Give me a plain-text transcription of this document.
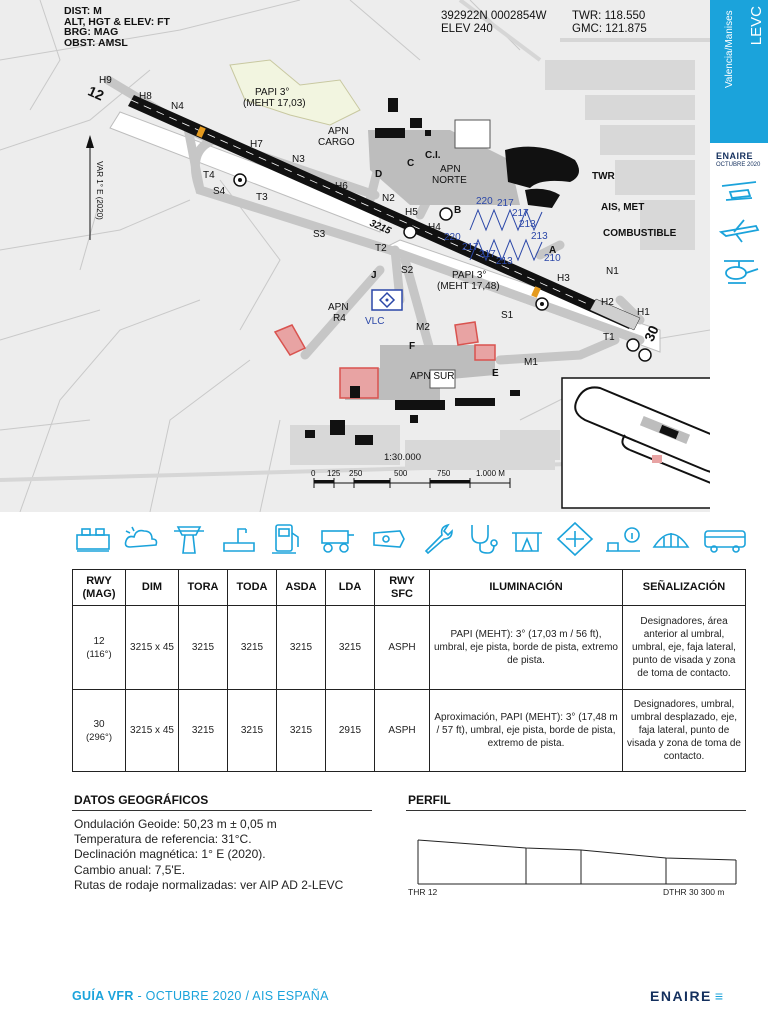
DIST: M
ALT, HGT & ELEV: FT
BRG: MAG
OBST: AMSL
392922N 0002854W
ELEV 240
TWR: 118.550
GMC: 121.875
12
30
3215
PAPI 3°
(MEHT 17,03)
PAPI 3°
(MEHT 17,48)
APN
CARGO
APN
NORTE
APN SUR
APN
R4
C.I.
TWR
AIS, MET
COMBUSTIBLE
VLC
H9
H8
H7
H6
H5
H4
H3
H2
H1
N4
N3
N2
N1
T4
T3
T2
T1
S4
S3
S2
S1
M2
M1
A
B
C
D
E
F
J
220 217
217
213
220
217
217
213
213
210
VAR 1° E (2020)
1:30.000
0 125 250	500	750	1.000 M
LEVC
Valencia/Manises
ENAIRE
OCTUBRE 2020
RWY (MAG)	DIM	TORA	TODA	ASDA	LDA	RWY SFC	ILUMINACIÓN	SEÑALIZACIÓN
12
(116°)	3215 x 45	3215	3215	3215	3215	ASPH	PAPI (MEHT): 3° (17,03 m / 56 ft), umbral, eje pista, borde de pista, extremo de pista.	Designadores, área anterior al umbral, umbral, eje, faja lateral, punto de visada y zona de toma de contacto.
30
(296°)	3215 x 45	3215	3215	3215	2915	ASPH	Aproximación, PAPI (MEHT): 3° (17,48 m / 57 ft), umbral, eje pista, borde de pista, extremo de pista.	Designadores, umbral, umbral desplazado, eje, faja lateral, punto de visada y zona de toma de contacto.
DATOS GEOGRÁFICOS
Ondulación Geoide: 50,23 m ± 0,05 m
Temperatura de referencia: 31°C.
Declinación magnética: 1° E (2020).
Cambio anual: 7,5'E.
Rutas de rodaje normalizadas: ver AIP AD 2-LEVC
PERFIL
THR 12	DTHR 30 300 m
GUÍA VFR - OCTUBRE 2020 / AIS ESPAÑA	ENAIRE ≡
